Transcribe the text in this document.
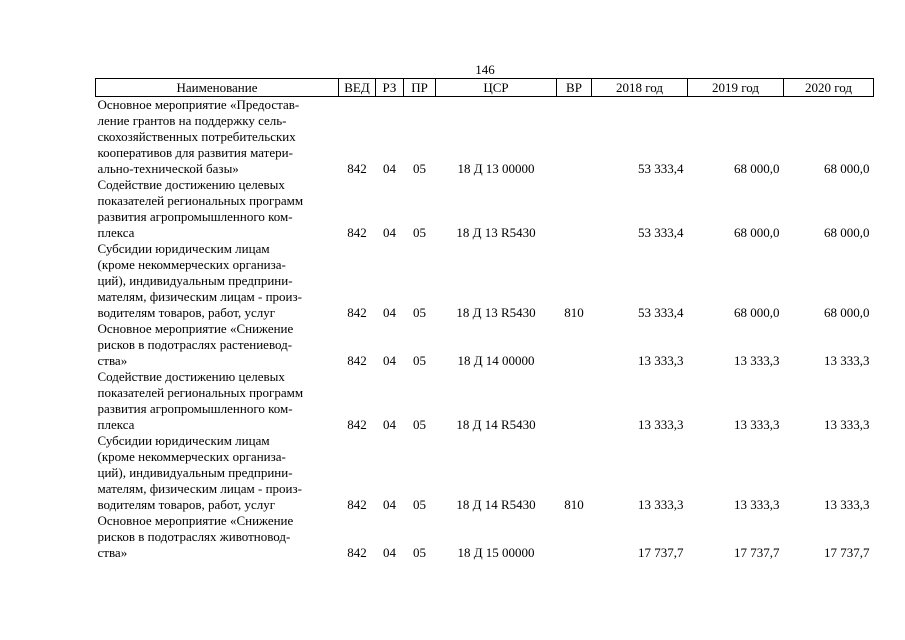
146
Наименование	ВЕД	РЗ	ПР	ЦСР	ВР	2018 год	2019 год	2020 год

Основное мероприятие «Предостав-
ление грантов на поддержку сель-
скохозяйственных потребительских
кооперативов для развития матери-
ально-технической базы»	842	04	05	18 Д 13 00000		53 333,4	68 000,0	68 000,0

Содействие достижению целевых
показателей региональных программ
развития агропромышленного ком-
плекса	842	04	05	18 Д 13 R5430		53 333,4	68 000,0	68 000,0

Субсидии юридическим лицам
(кроме некоммерческих организа-
ций), индивидуальным предприни-
мателям, физическим лицам - произ-
водителям товаров, работ, услуг	842	04	05	18 Д 13 R5430	810	53 333,4	68 000,0	68 000,0

Основное мероприятие «Снижение
рисков в подотраслях растениевод-
ства»	842	04	05	18 Д 14 00000		13 333,3	13 333,3	13 333,3

Содействие достижению целевых
показателей региональных программ
развития агропромышленного ком-
плекса	842	04	05	18 Д 14 R5430		13 333,3	13 333,3	13 333,3

Субсидии юридическим лицам
(кроме некоммерческих организа-
ций), индивидуальным предприни-
мателям, физическим лицам - произ-
водителям товаров, работ, услуг	842	04	05	18 Д 14 R5430	810	13 333,3	13 333,3	13 333,3

Основное мероприятие «Снижение
рисков в подотраслях животновод-
ства»	842	04	05	18 Д 15 00000		17 737,7	17 737,7	17 737,7
